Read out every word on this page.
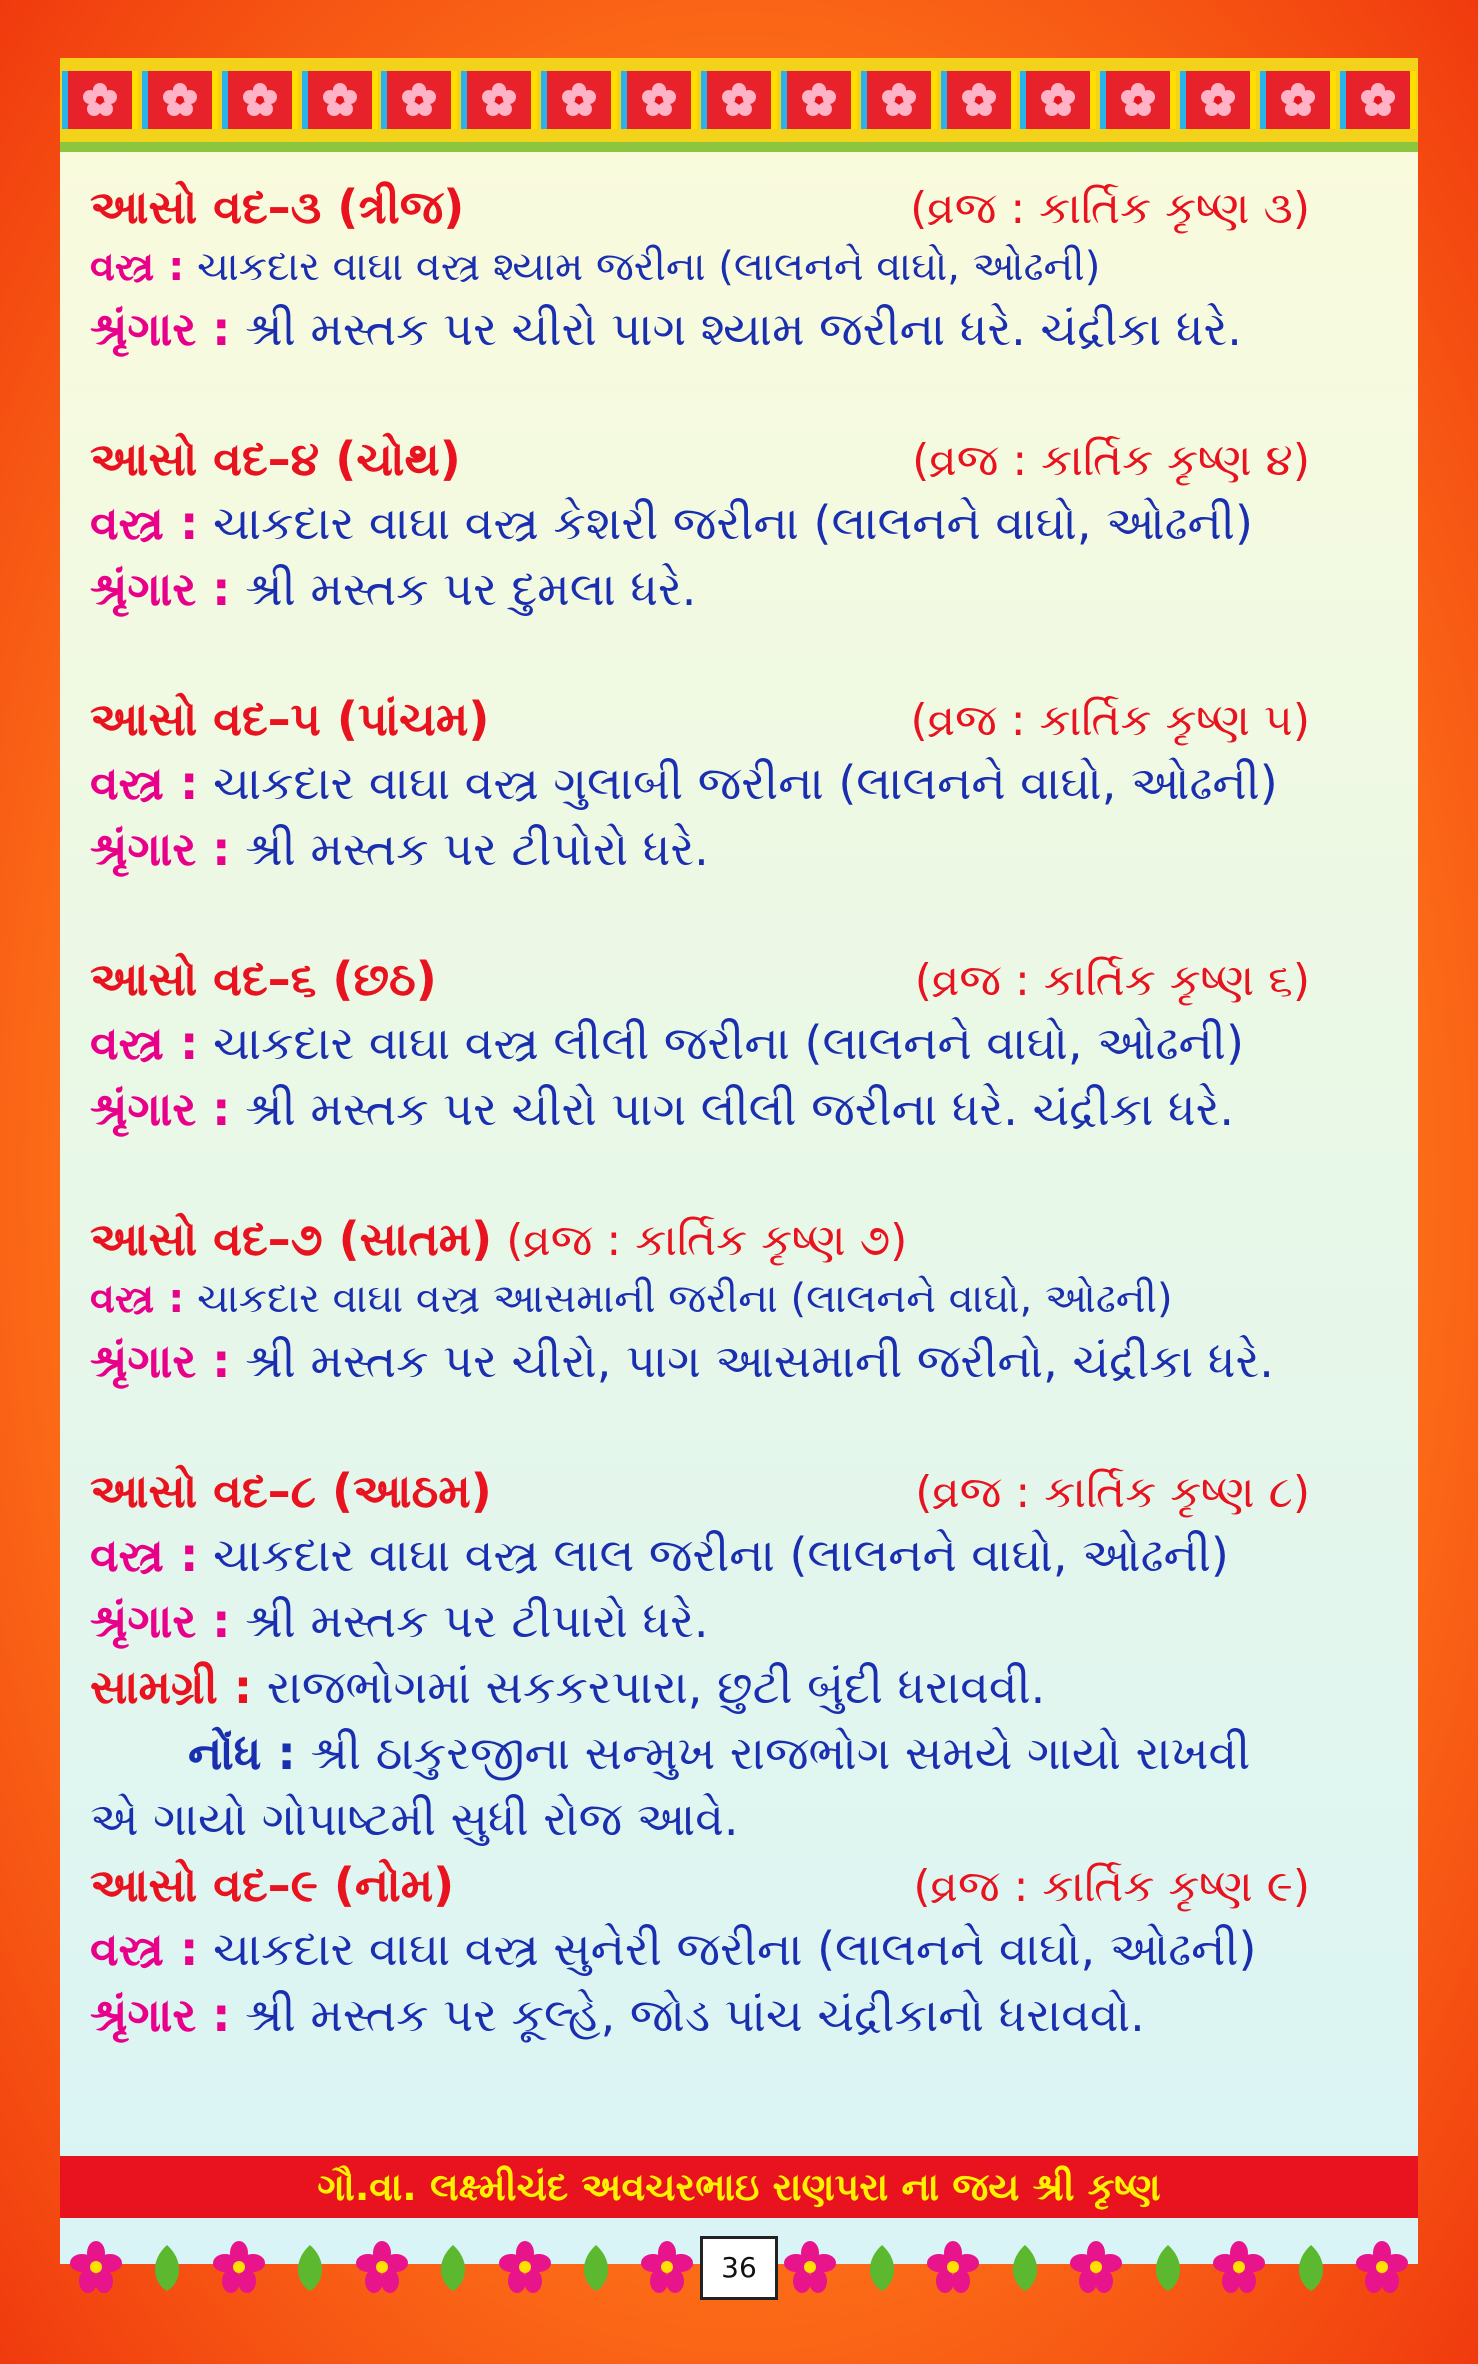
આસો વદ–૩ (ત્રીજ)	(વ્રજ : કાર્તિક કૃષ્ણ ૩)
વસ્ત્ર : ચાકદાર વાઘા વસ્ત્ર શ્યામ જરીના (લાલનને વાઘો, ઓઢની)
શ્રૃંગાર : શ્રી મસ્તક પર ચીરો પાગ શ્યામ જરીના ધરે. ચંદ્રીકા ધરે.
આસો વદ–૪ (ચોથ)	(વ્રજ : કાર્તિક કૃષ્ણ ૪)
વસ્ત્ર : ચાકદાર વાઘા વસ્ત્ર કેશરી જરીના (લાલનને વાઘો, ઓઢની)
શ્રૃંગાર : શ્રી મસ્તક પર દુમલા ધરે.
આસો વદ–૫ (પાંચમ)	(વ્રજ : કાર્તિક કૃષ્ણ ૫)
વસ્ત્ર : ચાકદાર વાઘા વસ્ત્ર ગુલાબી જરીના (લાલનને વાઘો, ઓઢની)
શ્રૃંગાર : શ્રી મસ્તક પર ટીપોરો ધરે.
આસો વદ–૬ (છઠ)	(વ્રજ : કાર્તિક કૃષ્ણ ૬)
વસ્ત્ર : ચાકદાર વાઘા વસ્ત્ર લીલી જરીના (લાલનને વાઘો, ઓઢની)
શ્રૃંગાર : શ્રી મસ્તક પર ચીરો પાગ લીલી જરીના ધરે. ચંદ્રીકા ધરે.
આસો વદ–૭ (સાતમ) (વ્રજ : કાર્તિક કૃષ્ણ ૭)
વસ્ત્ર : ચાકદાર વાઘા વસ્ત્ર આસમાની જરીના (લાલનને વાઘો, ઓઢની)
શ્રૃંગાર : શ્રી મસ્તક પર ચીરો, પાગ આસમાની જરીનો, ચંદ્રીકા ધરે.
આસો વદ–૮ (આઠમ)	(વ્રજ : કાર્તિક કૃષ્ણ ૮)
વસ્ત્ર : ચાકદાર વાઘા વસ્ત્ર લાલ જરીના (લાલનને વાઘો, ઓઢની)
શ્રૃંગાર : શ્રી મસ્તક પર ટીપારો ધરે.
સામગ્રી : રાજભોગમાં સકકરપારા, છુટી બુંદી ધરાવવી.
નોંધ : શ્રી ઠાકુરજીના સન્મુખ રાજભોગ સમયે ગાયો રાખવી
એ ગાયો ગોપાષ્ટમી સુધી રોજ આવે.
આસો વદ–૯ (નોમ)	(વ્રજ : કાર્તિક કૃષ્ણ ૯)
વસ્ત્ર : ચાકદાર વાઘા વસ્ત્ર સુનેરી જરીના (લાલનને વાઘો, ઓઢની)
શ્રૃંગાર : શ્રી મસ્તક પર કૂલ્હે, જોડ પાંચ ચંદ્રીકાનો ધરાવવો.
ગૌ.વા. લક્ષ્મીચંદ અવચરભાઇ રાણપરા ના જય શ્રી કૃષ્ણ
36
